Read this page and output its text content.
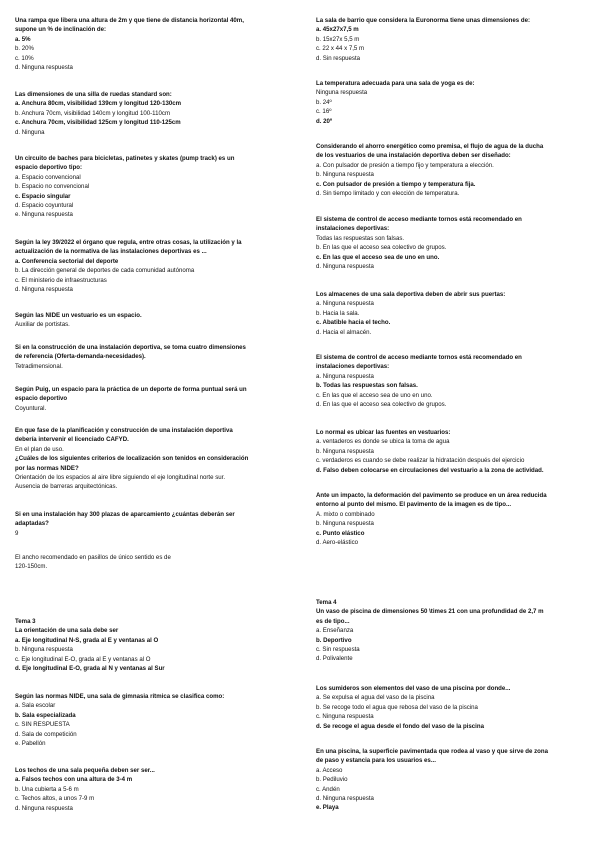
Una rampa que libera una altura de 2m y que tiene de distancia horizontal 40m,

supone un % de inclinación de:

a. 5%

b. 20%

c. 10%

d. Ninguna respuesta

Las dimensiones de una silla de ruedas standard son:

a. Anchura 80cm, visibilidad 139cm y longitud 120-130cm

b. Anchura 70cm, visibilidad 140cm y longitud 100-110cm

c. Anchura 70cm, visibilidad 125cm y longitud 110-125cm

d. Ninguna

Un circuito de baches para bicicletas, patinetes y skates (pump track) es un

espacio deportivo tipo:

a. Espacio convencional

b. Espacio no convencional

c. Espacio singular

d. Espacio coyuntural

e. Ninguna respuesta

Según la ley 39/2022 el órgano que regula, entre otras cosas, la utilización y la

actualización de la normativa de las instalaciones deportivas es ...

a. Conferencia sectorial del deporte

b. La dirección general de deportes de cada comunidad autónoma

c. El ministerio de infraestructuras

d. Ninguna respuesta

Según las NIDE un vestuario es un espacio.

Auxiliar de portistas.

Si en la construcción de una instalación deportiva, se toma cuatro dimensiones

de referencia (Oferta-demanda-necesidades).

Tetradimensional.

Según Puig, un espacio para la práctica de un deporte de forma puntual será un

espacio deportivo

Coyuntural.

En que fase de la planificación y construcción de una instalación deportiva

debería intervenir el licenciado CAFYD.

En el plan de uso.

¿Cuáles de los siguientes criterios de localización son tenidos en consideración

por las normas NIDE?

Orientación de los espacios al aire libre siguiendo el eje longitudinal norte sur.

Ausencia de barreras arquitectónicas.

Si en una instalación hay 300 plazas de aparcamiento ¿cuántas deberán ser

adaptadas?

9

El ancho recomendado en pasillos de único sentido es de

120-150cm.

Tema 3

La orientación de una sala debe ser

a. Eje longitudinal N-S, grada al E y ventanas al O

b. Ninguna respuesta

c. Eje longitudinal E-O, grada al E y ventanas al O

d. Eje longitudinal E-O, grada al N y ventanas al Sur

Según las normas NIDE, una sala de gimnasia rítmica se clasifica como:

a. Sala escolar

b. Sala especializada

c. SIN RESPUESTA

d. Sala de competición

e. Pabellón

Los techos de una sala pequeña deben ser ser...

a. Falsos techos con una altura de 3-4 m

b. Una cubierta a 5-6 m

c. Techos altos, a unos 7-9 m

d. Ninguna respuesta

La sala de barrio que considera la Euronorma tiene unas dimensiones de:

a. 45x27x7,5 m

b. 15x27x 5,5 m

c. 22 x 44 x 7,5 m

d. Sin respuesta

La temperatura adecuada para una sala de yoga es de:

Ninguna respuesta

b. 24º

c. 16º

d. 20º

Considerando el ahorro energético como premisa, el flujo de agua de la ducha

de los vestuarios de una instalación deportiva deben ser diseñado:

a. Con pulsador de presión a tiempo fijo y temperatura a elección.

b. Ninguna respuesta

c. Con pulsador de presión a tiempo y temperatura fija.

d. Sin tiempo limitado y con elección de temperatura.

El sistema de control de acceso mediante tornos está recomendado en

instalaciones deportivas:

Todas las respuestas son falsas.

b. En las que el acceso sea colectivo de grupos.

c. En las que el acceso sea de uno en uno.

d. Ninguna respuesta

Los almacenes de una sala deportiva deben de abrir sus puertas:

a. Ninguna respuesta

b. Hacia la sala.

c. Abatible hacia el techo.

d. Hacia el almacén.

El sistema de control de acceso mediante tornos está recomendado en

instalaciones deportivas:

a. Ninguna respuesta

b. Todas las respuestas son falsas.

c. En las que el acceso sea de uno en uno.

d. En las que el acceso sea colectivo de grupos.

Lo normal es ubicar las fuentes en vestuarios:

a. ventaderos es donde se ubica la toma de agua

b. Ninguna respuesta

c. verdaderos es cuando se debe realizar la hidratación después del ejercicio

d. Falso deben colocarse en circulaciones del vestuario a la zona de actividad.

Ante un impacto, la deformación del pavimento se produce en un área reducida

entorno al punto del mismo. El pavimento de la imagen es de tipo...

A. mixto o combinado

b. Ninguna respuesta

c. Punto elástico

d. Aero-elástico

Tema 4

Un vaso de piscina de dimensiones 50 \times 21 con una profundidad de 2,7 m

es de tipo...

a. Enseñanza

b. Deportivo

c. Sin respuesta

d. Polivalente

Los sumideros son elementos del vaso de una piscina por donde...

a. Se expulsa el agua del vaso de la piscina

b. Se recoge todo el agua que rebosa del vaso de la piscina

c. Ninguna respuesta

d. Se recoge el agua desde el fondo del vaso de la piscina

En una piscina, la superficie pavimentada que rodea al vaso y que sirve de zona

de paso y estancia para los usuarios es...

a. Acceso

b. Pediluvio

c. Andén

d. Ninguna respuesta

e. Playa
